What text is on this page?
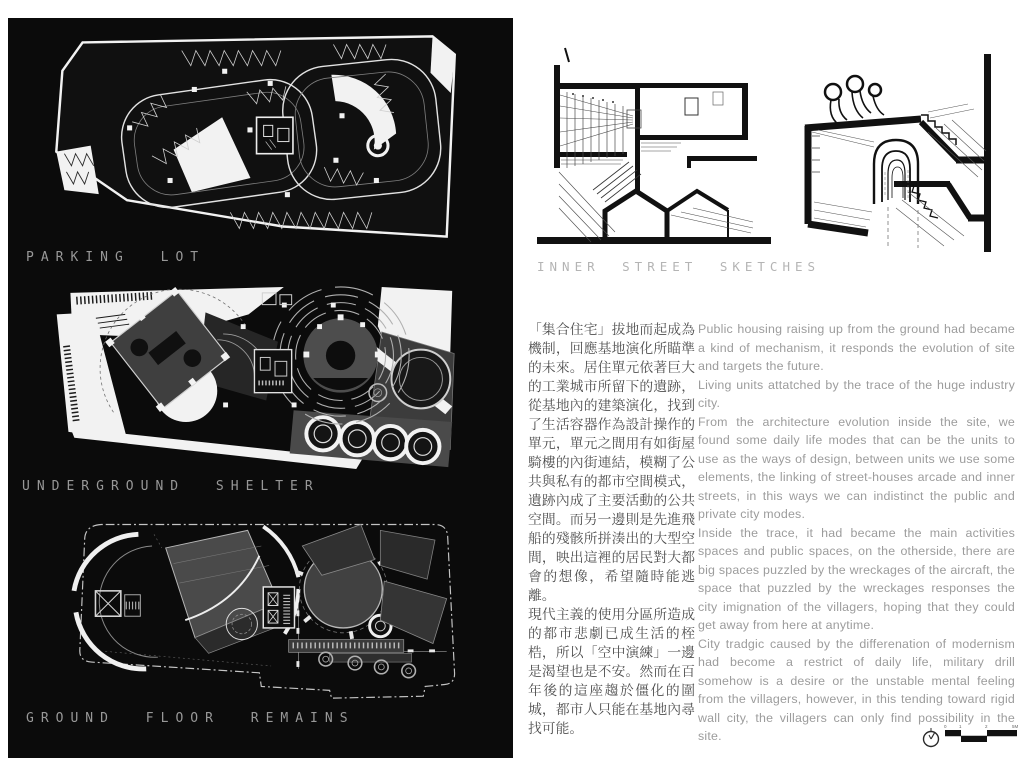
PARKING LOT
UNDERGROUND SHELTER
GROUND FLOOR REMAINS
INNER STREET SKETCHES

「集合住宅」拔地而起成為機制，回應基地演化所瞄準的未來。居住單元依著巨大的工業城市所留下的遺跡，從基地內的建築演化，找到了生活容器作為設計操作的單元，單元之間用有如街屋騎樓的內街連結，模糊了公共與私有的都市空間模式，遺跡內成了主要活動的公共空間。而另一邊則是先進飛船的殘骸所拼湊出的大型空間，映出這裡的居民對大都會的想像，希望隨時能逃離。

現代主義的使用分區所造成的都市悲劇已成生活的桎梏，所以「空中演練」一邊是渴望也是不安。然而在百年後的這座趨於僵化的圍城，都市人只能在基地內尋找可能。

Public housing raising up from the ground had became a kind of mechanism, it responds the evolution of site and targets the future.

Living units attatched by the trace of the huge industry city.

From the architecture evolution inside the site, we found some daily life modes that can be the units to use as the ways of design, between units we use some elements, the linking of street-houses arcade and inner streets, in this ways we can indistinct the public and private city modes.

Inside the trace, it had became the main activities spaces and public spaces, on the otherside, there are big spaces puzzled by the wreckages of the aircraft, the space that puzzled by the wreckages responses the city imignation of the villagers, hoping that they could get away from here at anytime.

City tradgic caused by the differenation of modernism had become a restrict of daily life, military drill somehow is a desire or the unstable mental feeling from the villagers, however, in this tending toward rigid wall city, the villagers can only find possibility in the site.

0	1	2	5M
